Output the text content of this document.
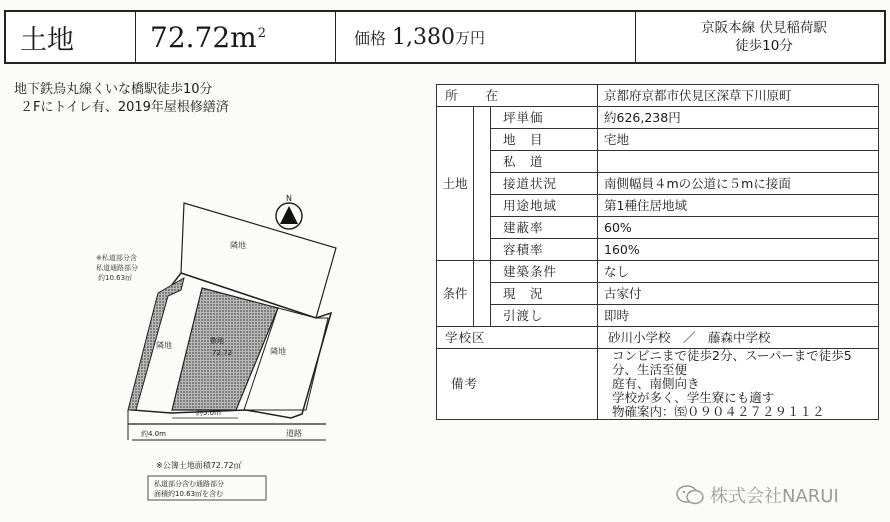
土地	$72.72m^2$	価格 1,380 万円
京阪本線 伏見稲荷駅
徒歩10分
地下鉄烏丸線くいな橋駅徒歩10分
２Fにトイレ有、2019年屋根修繕済
N
隣地
隣地	敷地
72.72	隣地
※私道部分含
私道通路部分
約10.63㎡
約5.0m
約4.0m	道路
※公簿土地面積72.72㎡
私道部分含む通路部分
面積約10.63㎡を含む
所　　在			京都府京都市伏見区深草下川原町
土地		坪単価	約626,238円
		地　目	宅地
		私　道	
		接道状況	南側幅員４mの公道に５mに接面
		用途地域	第1種住居地域
		建蔽率	60%
		容積率	160%
条件		建築条件	なし
		現　況	古家付
		引渡し	即時
学校区			砂川小学校　／　藤森中学校
備考			コンビニまで徒歩2分、スーパーまで徒歩5
分、生活至便
庭有、南側向き
学校が多く、学生寮にも適す
物確案内：㉃０９０４２７２９１１２
株式会社NARUI
